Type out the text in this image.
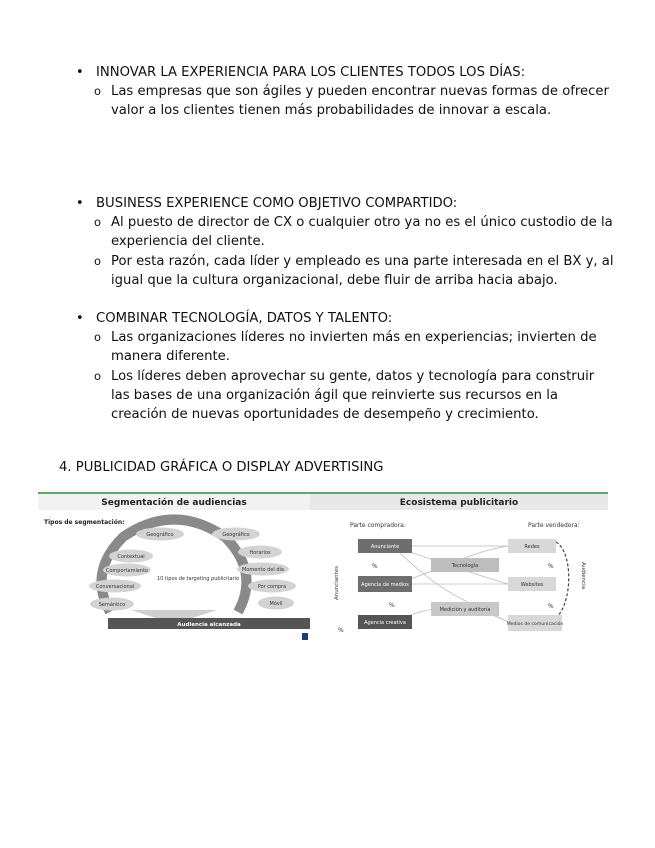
• INNOVAR LA EXPERIENCIA PARA LOS CLIENTES TODOS LOS DÍAS:
o Las empresas que son ágiles y pueden encontrar nuevas formas de ofrecer valor a los clientes tienen más probabilidades de innovar a escala.
• BUSINESS EXPERIENCE COMO OBJETIVO COMPARTIDO:
o Al puesto de director de CX o cualquier otro ya no es el único custodio de la experiencia del cliente.
o Por esta razón, cada líder y empleado es una parte interesada en el BX y, al igual que la cultura organizacional, debe fluir de arriba hacia abajo.
• COMBINAR TECNOLOGÍA, DATOS Y TALENTO:
o Las organizaciones líderes no invierten más en experiencias; invierten de manera diferente.
o Los líderes deben aprovechar su gente, datos y tecnología para construir las bases de una organización ágil que reinvierte sus recursos en la creación de nuevas oportunidades de desempeño y crecimiento.
4. PUBLICIDAD GRÁFICA O DISPLAY ADVERTISING
Segmentación de audiencias
Tipos de segmentación:
Contextual
Comportamiento
Conversacional
Semántico
Geográfico	Geográfico
Horarios
Momento del día
Por compra
Móvil
10 tipos de targeting publicitario
Audiencia alcanzada
Ecosistema publicitario
Parte compradora:	Parte vendedora:
Anunciantes	Audiencia
Anunciante
Agencia de medios
Agencia creativa
Tecnología
Medición y auditoría
Redes
Websites
Medios de comunicación
%
%
%
%
%
